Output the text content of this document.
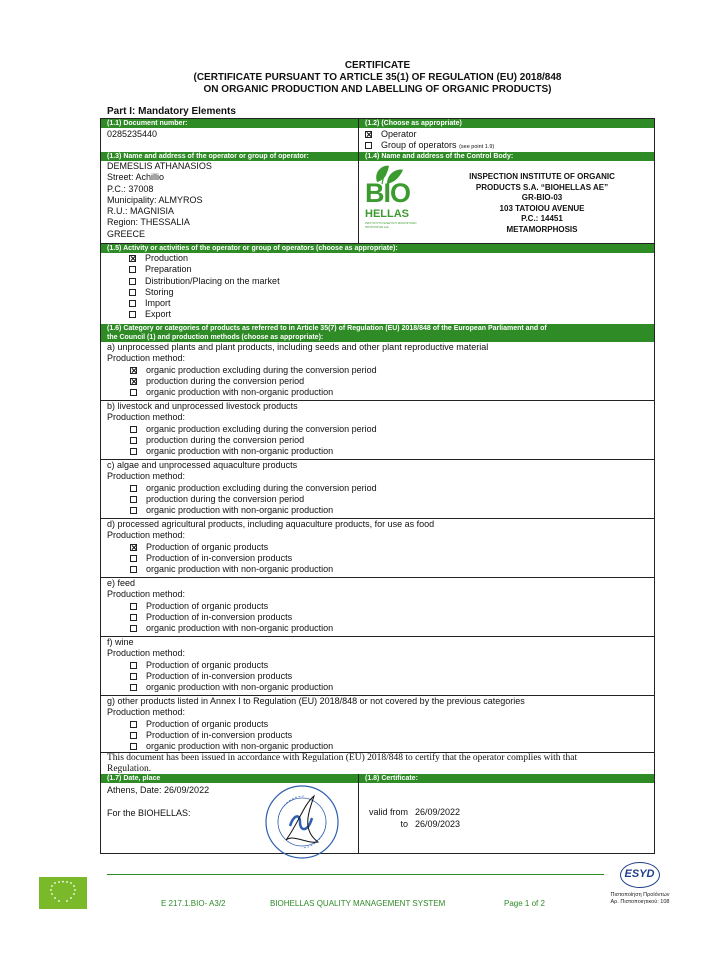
CERTIFICATE
(CERTIFICATE PURSUANT TO ARTICLE 35(1) OF REGULATION (EU) 2018/848
ON ORGANIC PRODUCTION AND LABELLING OF ORGANIC PRODUCTS)
Part I: Mandatory Elements
(1.1) Document number:
0285235440
(1.2) (Choose as appropriate)
Operator
Group of operators (see point 1.9)
(1.3) Name and address of the operator or group of operator:
DEMESLIS ATHANASIOS
Street: Achillio
P.C.: 37008
Municipality: ALMYROS
R.U.: MAGNISIA
Region: THESSALIA
GREECE
(1.4) Name and address of the Control Body:
BIO
HELLAS
ΙΝΣΤΙΤΟΥΤΟ ΕΛΕΓΧΟΥ ΒΙΟΛΟΓΙΚΩΝ ΠΡΟΪΟΝΤΩΝ Α.Ε.
INSPECTION INSTITUTE OF ORGANIC
PRODUCTS S.A. “BIOHELLAS AE”
GR-BIO-03
103 TATOIOU AVENUE
P.C.: 14451
METAMORPHOSIS
(1.5) Activity or activities of the operator or group of operators (choose as appropriate):
Production
Preparation
Distribution/Placing on the market
Storing
Import
Export
(1.6) Category or categories of products as referred to in Article 35(7) of Regulation (EU) 2018/848 of the European Parliament and of
the Council (1) and production methods (choose as appropriate):
a) unprocessed plants and plant products, including seeds and other plant reproductive material
Production method:
organic production excluding during the conversion period
production during the conversion period
organic production with non-organic production
b) livestock and unprocessed livestock products
Production method:
organic production excluding during the conversion period
production during the conversion period
organic production with non-organic production
c) algae and unprocessed aquaculture products
Production method:
organic production excluding during the conversion period
production during the conversion period
organic production with non-organic production
d) processed agricultural products, including aquaculture products, for use as food
Production method:
Production of organic products
Production of in-conversion products
organic production with non-organic production
e) feed
Production method:
Production of organic products
Production of in-conversion products
organic production with non-organic production
f) wine
Production method:
Production of organic products
Production of in-conversion products
organic production with non-organic production
g) other products listed in Annex I to Regulation (EU) 2018/848 or not covered by the previous categories
Production method:
Production of organic products
Production of in-conversion products
organic production with non-organic production
This document has been issued in accordance with Regulation (EU) 2018/848 to certify that the operator complies with that Regulation.
(1.7) Date, place
Athens, Date: 26/09/2022
For the BIOHELLAS:
(1.8) Certificate:
valid from 26/09/2022
to 26/09/2023
E 217.1.BIO- A3/2	BIOHELLAS QUALITY MANAGEMENT SYSTEM	Page 1 of 2
ESYD
Πιστοποίηση Προϊόντων
Αρ. Πιστοποιητικού: 108
